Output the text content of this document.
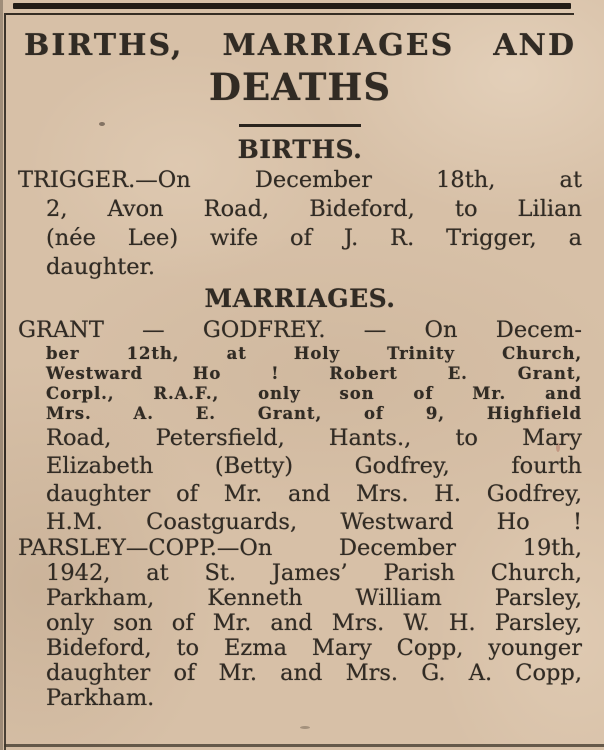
BIRTHS, MARRIAGES AND
DEATHS
BIRTHS.
TRIGGER.—On December 18th, at
2, Avon Road, Bideford, to Lilian
(née Lee) wife of J. R. Trigger, a
daughter.
MARRIAGES.
GRANT — GODFREY. — On Decem-
ber 12th, at Holy Trinity Church,
Westward Ho ! Robert E. Grant,
Corpl., R.A.F., only son of Mr. and
Mrs. A. E. Grant, of 9, Highfield
Road, Petersfield, Hants., to Mary
Elizabeth (Betty) Godfrey, fourth
daughter of Mr. and Mrs. H. Godfrey,
H.M. Coastguards, Westward Ho !
PARSLEY—COPP.—On December 19th,
1942, at St. James’ Parish Church,
Parkham, Kenneth William Parsley,
only son of Mr. and Mrs. W. H. Parsley,
Bideford, to Ezma Mary Copp, younger
daughter of Mr. and Mrs. G. A. Copp,
Parkham.
